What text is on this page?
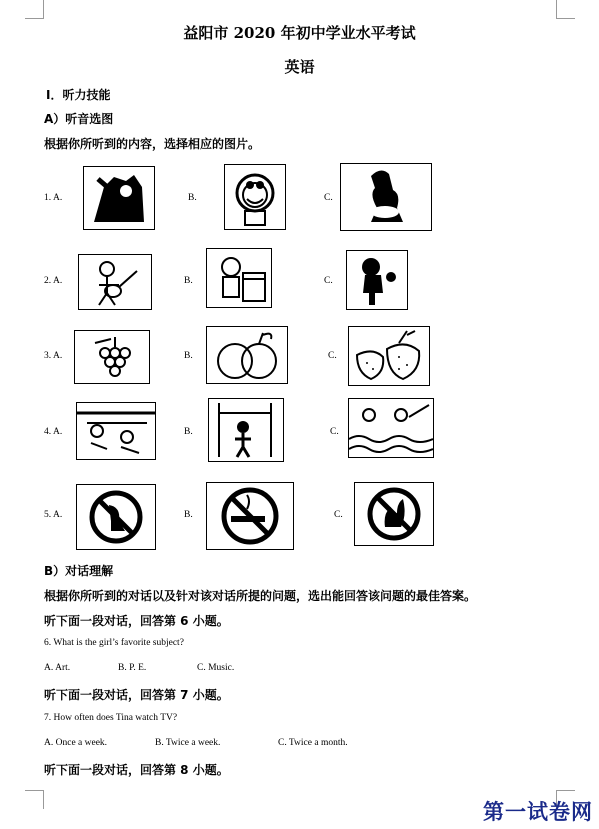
益阳市 2020 年初中学业水平考试
英语
I．听力技能
A）听音选图
根据你所听到的内容，选择相应的图片。
1. A.	B.	C.
2. A.	B.	C.
3. A.	B.	C.
4. A.	B.	C.
5. A.	B.	C.
B）对话理解
根据你所听到的对话以及针对该对话所提的问题，选出能回答该问题的最佳答案。
听下面一段对话，回答第 6 小题。
6. What is the girl’s favorite subject?
A. Art.	B. P. E.	C. Music.
听下面一段对话，回答第 7 小题。
7. How often does Tina watch TV?
A. Once a week.	B. Twice a week.	C. Twice a month.
听下面一段对话，回答第 8 小题。
第一试卷网
